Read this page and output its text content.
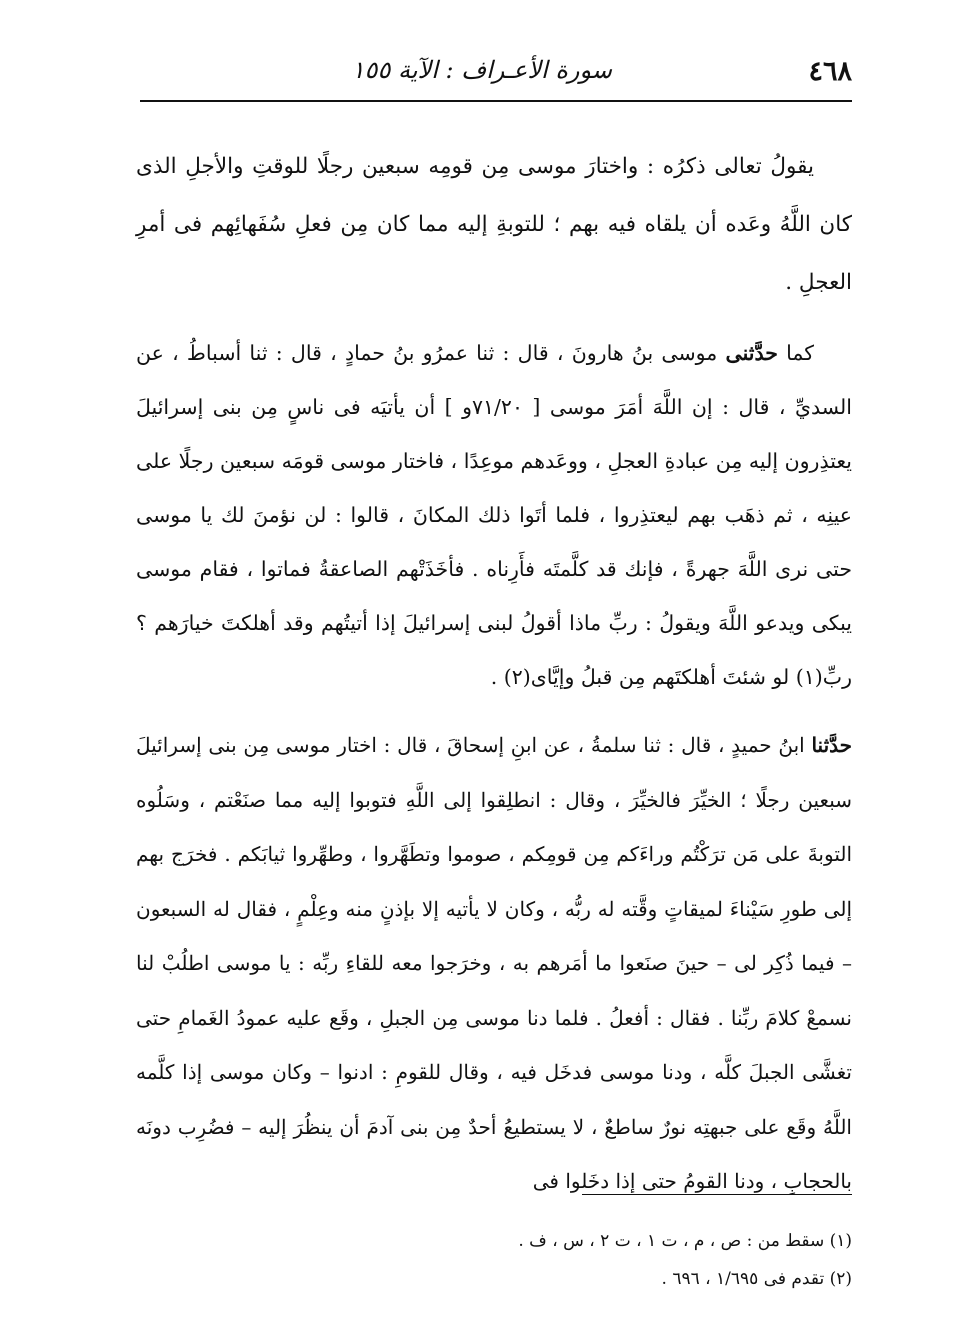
٤٦٨
سورة الأعـراف : الآية ١٥٥

يقولُ تعالى ذكرُه : واختارَ موسى مِن قومِه سبعين رجلًا للوقتِ والأجلِ الذى كان اللَّهُ وعَده أن يلقاه فيه بهم ؛ للتوبةِ إليه مما كان مِن فعلِ سُفَهائِهم فى أمرِ العجلِ .

كما حدَّثنى موسى بنُ هارونَ ، قال : ثنا عمرُو بنُ حمادٍ ، قال : ثنا أسباطُ ، عن السديِّ ، قال : إن اللَّهَ أمَرَ موسى [ ٧١/٢٠و ] أن يأتيَه فى ناسٍ مِن بنى إسرائيلَ يعتذِرون إليه مِن عبادةِ العجلِ ، ووعَدهم موعِدًا ، فاختار موسى قومَه سبعين رجلًا على عينِه ، ثم ذهَب بهم ليعتذِروا ، فلما أتَوا ذلك المكانَ ، قالوا : لن نؤمنَ لك يا موسى حتى نرى اللَّهَ جهرةً ، فإنك قد كلَّمتَه فأَرِناه . فأخَذَتْهم الصاعقةُ فماتوا ، فقام موسى يبكى ويدعو اللَّهَ ويقولُ : ربِّ ماذا أقولُ لبنى إسرائيلَ إذا أتيتُهم وقد أهلكتَ خيارَهم ؟ ربِّ(١) لو شئتَ أهلكتَهم مِن قبلُ وإيَّاى(٢) .

حدَّثنا ابنُ حميدٍ ، قال : ثنا سلمةُ ، عن ابنِ إسحاقَ ، قال : اختار موسى مِن بنى إسرائيلَ سبعين رجلًا ؛ الخيِّرَ فالخيِّرَ ، وقال : انطلِقوا إلى اللَّهِ فتوبوا إليه مما صنَعْتم ، وسَلُوه التوبةَ على مَن ترَكْتُم وراءَكم مِن قومِكم ، صوموا وتطَهَّروا ، وطهِّروا ثيابَكم . فخرَج بهم إلى طورِ سَيْناءَ لميقاتٍ وقَّته له ربُّه ، وكان لا يأتيه إلا بإذنٍ منه وعِلْمٍ ، فقال له السبعون – فيما ذُكِر لى – حينَ صنَعوا ما أمَرهم به ، وخرَجوا معه للقاءِ ربِّه : يا موسى اطلُبْ لنا نسمعْ كلامَ ربِّنا . فقال : أفعلُ . فلما دنا موسى مِن الجبلِ ، وقَع عليه عمودُ الغَمامِ حتى تغشَّى الجبلَ كلَّه ، ودنا موسى فدخَل فيه ، وقال للقومِ : ادنوا – وكان موسى إذا كلَّمه اللَّهُ وقَع على جبهتِه نورٌ ساطعٌ ، لا يستطيعُ أحدٌ مِن بنى آدمَ أن ينظُرَ إليه – فضُرِب دونَه بالحجابِ ، ودنا القومُ حتى إذا دخَلوا فى

(١) سقط من : ص ، م ، ت ١ ، ت ٢ ، س ، ف .
(٢) تقدم فى ١/٦٩٥ ، ٦٩٦ .
